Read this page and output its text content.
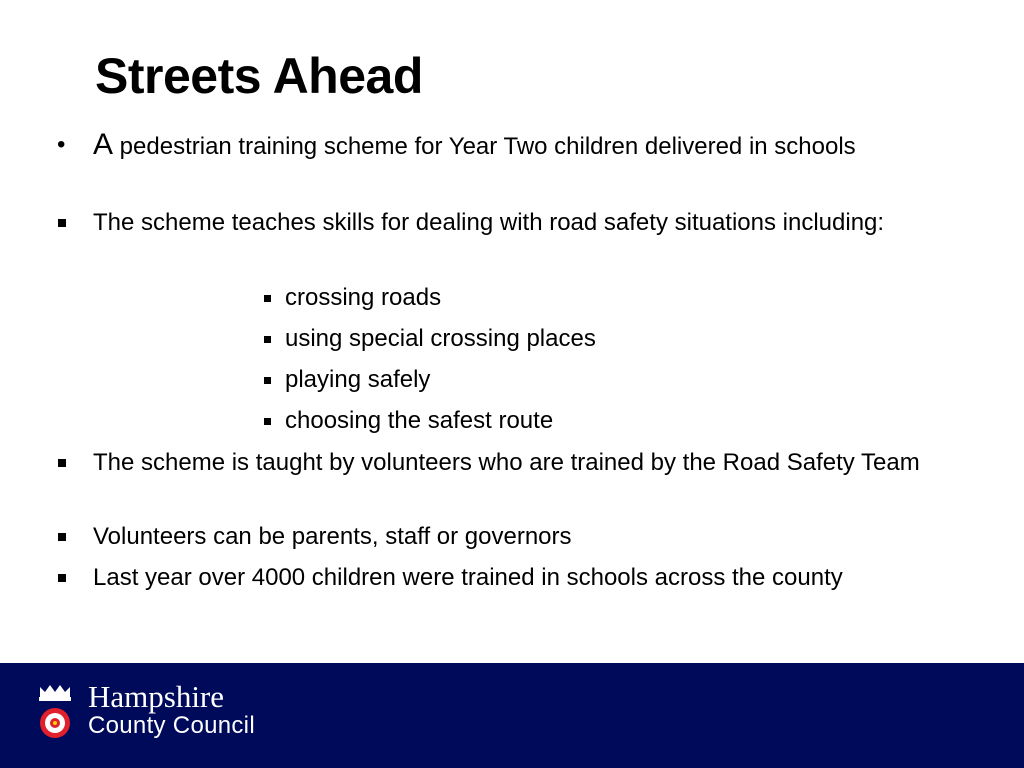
Streets Ahead
• A pedestrian training scheme for Year Two children delivered in schools
The scheme teaches skills for dealing with road safety situations including:
crossing roads
using special crossing places
playing safely
choosing the safest route
The scheme is taught by volunteers who are trained by the Road Safety Team
Volunteers can be parents, staff or governors
Last year over 4000 children were trained in schools across the county
Hampshire
County Council
